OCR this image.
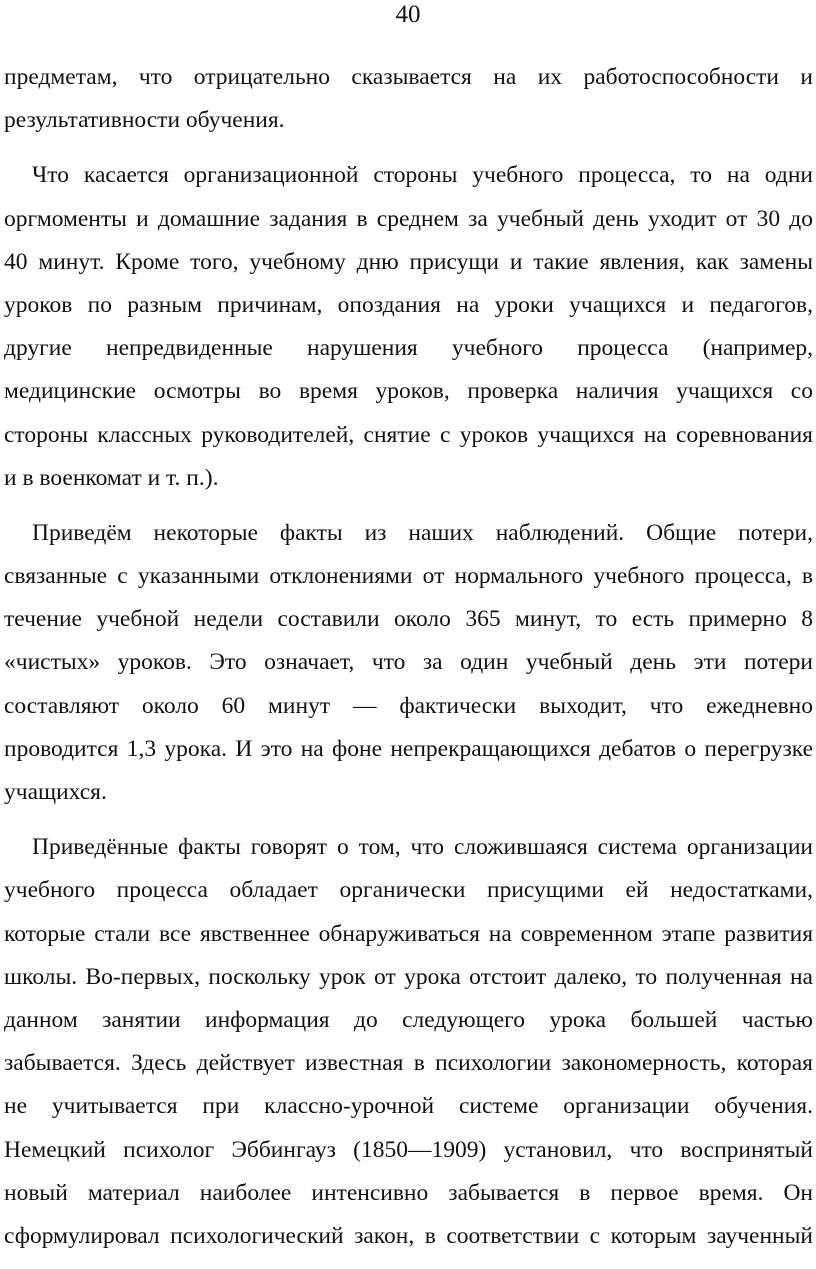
40
предметам, что отрицательно сказывается на их работоспособности и
результативности обучения.
Что касается организационной стороны учебного процесса, то на одни
оргмоменты и домашние задания в среднем за учебный день уходит от 30 до
40 минут. Кроме того, учебному дню присущи и такие явления, как замены
уроков по разным причинам, опоздания на уроки учащихся и педагогов,
другие непредвиденные нарушения учебного процесса (например,
медицинские осмотры во время уроков, проверка наличия учащихся со
стороны классных руководителей, снятие с уроков учащихся на соревнования
и в военкомат и т. п.).
Приведём некоторые факты из наших наблюдений. Общие потери,
связанные с указанными отклонениями от нормального учебного процесса, в
течение учебной недели составили около 365 минут, то есть примерно 8
«чистых» уроков. Это означает, что за один учебный день эти потери
составляют около 60 минут — фактически выходит, что ежедневно
проводится 1,3 урока. И это на фоне непрекращающихся дебатов о перегрузке
учащихся.
Приведённые факты говорят о том, что сложившаяся система организации
учебного процесса обладает органически присущими ей недостатками,
которые стали все явственнее обнаруживаться на современном этапе развития
школы. Во-первых, поскольку урок от урока отстоит далеко, то полученная на
данном занятии информация до следующего урока большей частью
забывается. Здесь действует известная в психологии закономерность, которая
не учитывается при классно-урочной системе организации обучения.
Немецкий психолог Эббингауз (1850—1909) установил, что воспринятый
новый материал наиболее интенсивно забывается в первое время. Он
сформулировал психологический закон, в соответствии с которым заученный
